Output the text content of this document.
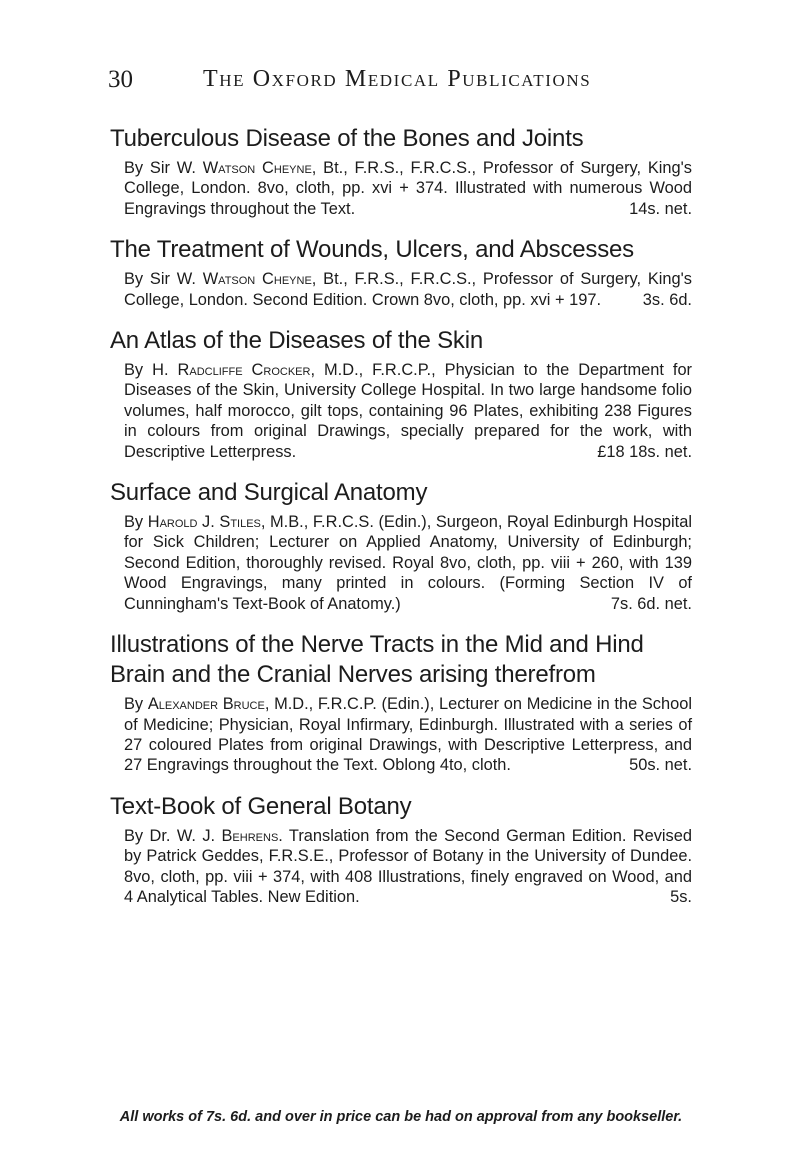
30	The Oxford Medical Publications
Tuberculous Disease of the Bones and Joints
By Sir W. Watson Cheyne, Bt., F.R.S., F.R.C.S., Professor of Surgery, King's College, London. 8vo, cloth, pp. xvi + 374. Illustrated with numerous Wood Engravings throughout the Text.	14s. net.
The Treatment of Wounds, Ulcers, and Abscesses
By Sir W. Watson Cheyne, Bt., F.R.S., F.R.C.S., Professor of Surgery, King's College, London. Second Edition. Crown 8vo, cloth, pp. xvi + 197.	3s. 6d.
An Atlas of the Diseases of the Skin
By H. Radcliffe Crocker, M.D., F.R.C.P., Physician to the Department for Diseases of the Skin, University College Hospital. In two large handsome folio volumes, half morocco, gilt tops, containing 96 Plates, exhibiting 238 Figures in colours from original Drawings, specially prepared for the work, with Descriptive Letterpress.	£18 18s. net.
Surface and Surgical Anatomy
By Harold J. Stiles, M.B., F.R.C.S. (Edin.), Surgeon, Royal Edinburgh Hospital for Sick Children; Lecturer on Applied Anatomy, University of Edinburgh; Second Edition, thoroughly revised. Royal 8vo, cloth, pp. viii + 260, with 139 Wood Engravings, many printed in colours. (Forming Section IV of Cunningham's Text-Book of Anatomy.)	7s. 6d. net.
Illustrations of the Nerve Tracts in the Mid and Hind Brain and the Cranial Nerves arising therefrom
By Alexander Bruce, M.D., F.R.C.P. (Edin.), Lecturer on Medicine in the School of Medicine; Physician, Royal Infirmary, Edinburgh. Illustrated with a series of 27 coloured Plates from original Drawings, with Descriptive Letterpress, and 27 Engravings throughout the Text. Oblong 4to, cloth.	50s. net.
Text-Book of General Botany
By Dr. W. J. Behrens. Translation from the Second German Edition. Revised by Patrick Geddes, F.R.S.E., Professor of Botany in the University of Dundee. 8vo, cloth, pp. viii + 374, with 408 Illustrations, finely engraved on Wood, and 4 Analytical Tables. New Edition.	5s.
All works of 7s. 6d. and over in price can be had on approval from any bookseller.
